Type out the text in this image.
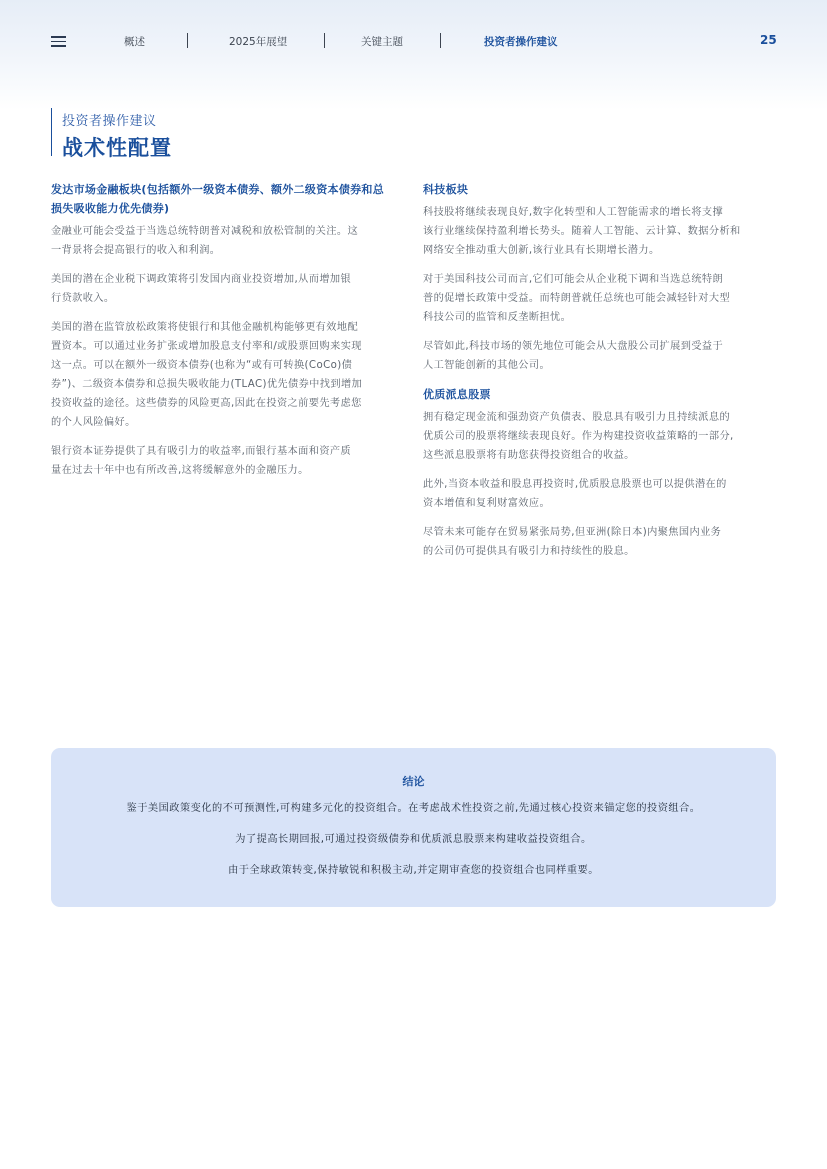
概述	2025年展望	关键主题	投资者操作建议	25
投资者操作建议
战术性配置
发达市场金融板块(包括额外一级资本债券、额外二级资本债券和总
损失吸收能力优先债券)
金融业可能会受益于当选总统特朗普对减税和放松管制的关注。这
一背景将会提高银行的收入和利润。
美国的潜在企业税下调政策将引发国内商业投资增加,从而增加银
行贷款收入。
美国的潜在监管放松政策将使银行和其他金融机构能够更有效地配
置资本。可以通过业务扩张或增加股息支付率和/或股票回购来实现
这一点。可以在额外一级资本债券(也称为“或有可转换(CoCo)债
券”)、二级资本债券和总损失吸收能力(TLAC)优先债券中找到增加
投资收益的途径。这些债券的风险更高,因此在投资之前要先考虑您
的个人风险偏好。
银行资本证券提供了具有吸引力的收益率,而银行基本面和资产质
量在过去十年中也有所改善,这将缓解意外的金融压力。
科技板块
科技股将继续表现良好,数字化转型和人工智能需求的增长将支撑
该行业继续保持盈利增长势头。随着人工智能、云计算、数据分析和
网络安全推动重大创新,该行业具有长期增长潜力。
对于美国科技公司而言,它们可能会从企业税下调和当选总统特朗
普的促增长政策中受益。而特朗普就任总统也可能会减轻针对大型
科技公司的监管和反垄断担忧。
尽管如此,科技市场的领先地位可能会从大盘股公司扩展到受益于
人工智能创新的其他公司。
优质派息股票
拥有稳定现金流和强劲资产负债表、股息具有吸引力且持续派息的
优质公司的股票将继续表现良好。作为构建投资收益策略的一部分,
这些派息股票将有助您获得投资组合的收益。
此外,当资本收益和股息再投资时,优质股息股票也可以提供潜在的
资本增值和复利财富效应。
尽管未来可能存在贸易紧张局势,但亚洲(除日本)内聚焦国内业务
的公司仍可提供具有吸引力和持续性的股息。
结论
鉴于美国政策变化的不可预测性,可构建多元化的投资组合。在考虑战术性投资之前,先通过核心投资来锚定您的投资组合。
为了提高长期回报,可通过投资级债券和优质派息股票来构建收益投资组合。
由于全球政策转变,保持敏锐和积极主动,并定期审查您的投资组合也同样重要。
